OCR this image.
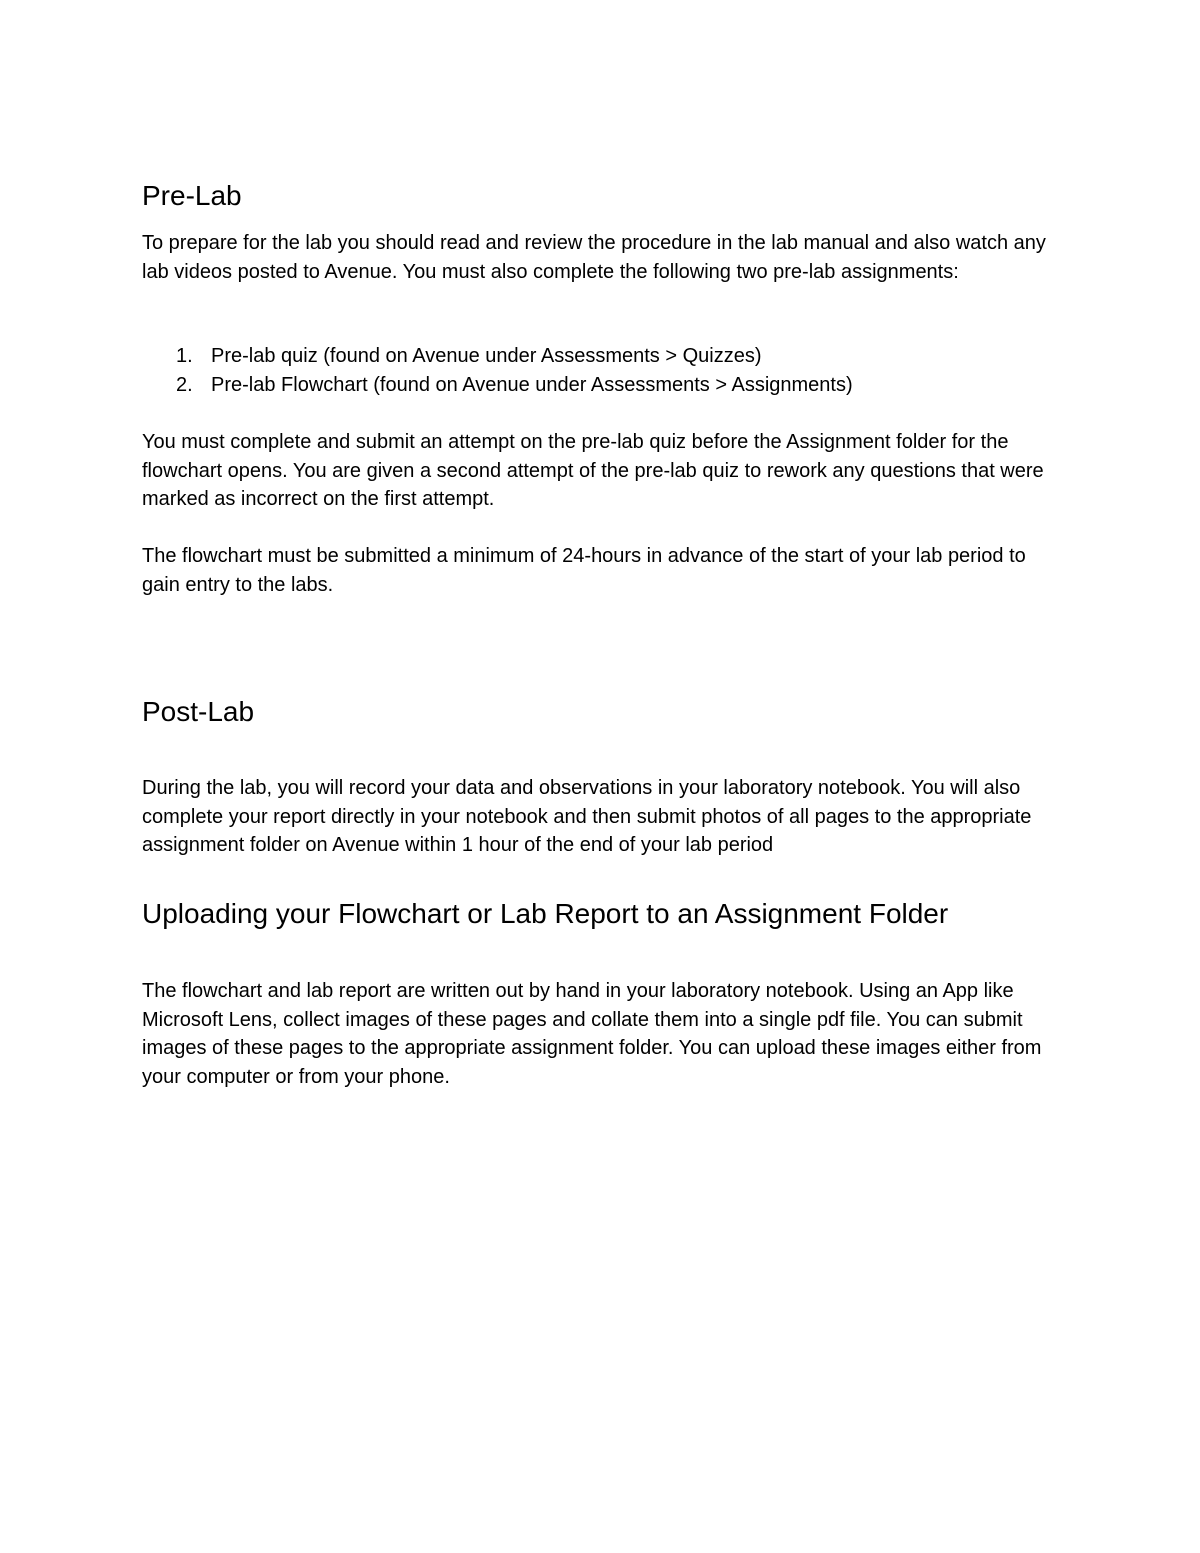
Pre-Lab

To prepare for the lab you should read and review the procedure in the lab manual and also watch any lab videos posted to Avenue. You must also complete the following two pre-lab assignments:

1. Pre-lab quiz (found on Avenue under Assessments > Quizzes)
2. Pre-lab Flowchart (found on Avenue under Assessments > Assignments)

You must complete and submit an attempt on the pre-lab quiz before the Assignment folder for the flowchart opens. You are given a second attempt of the pre-lab quiz to rework any questions that were marked as incorrect on the first attempt.

The flowchart must be submitted a minimum of 24-hours in advance of the start of your lab period to gain entry to the labs.

Post-Lab

During the lab, you will record your data and observations in your laboratory notebook. You will also complete your report directly in your notebook and then submit photos of all pages to the appropriate assignment folder on Avenue within 1 hour of the end of your lab period

Uploading your Flowchart or Lab Report to an Assignment Folder

The flowchart and lab report are written out by hand in your laboratory notebook. Using an App like Microsoft Lens, collect images of these pages and collate them into a single pdf file. You can submit images of these pages to the appropriate assignment folder. You can upload these images either from your computer or from your phone.
